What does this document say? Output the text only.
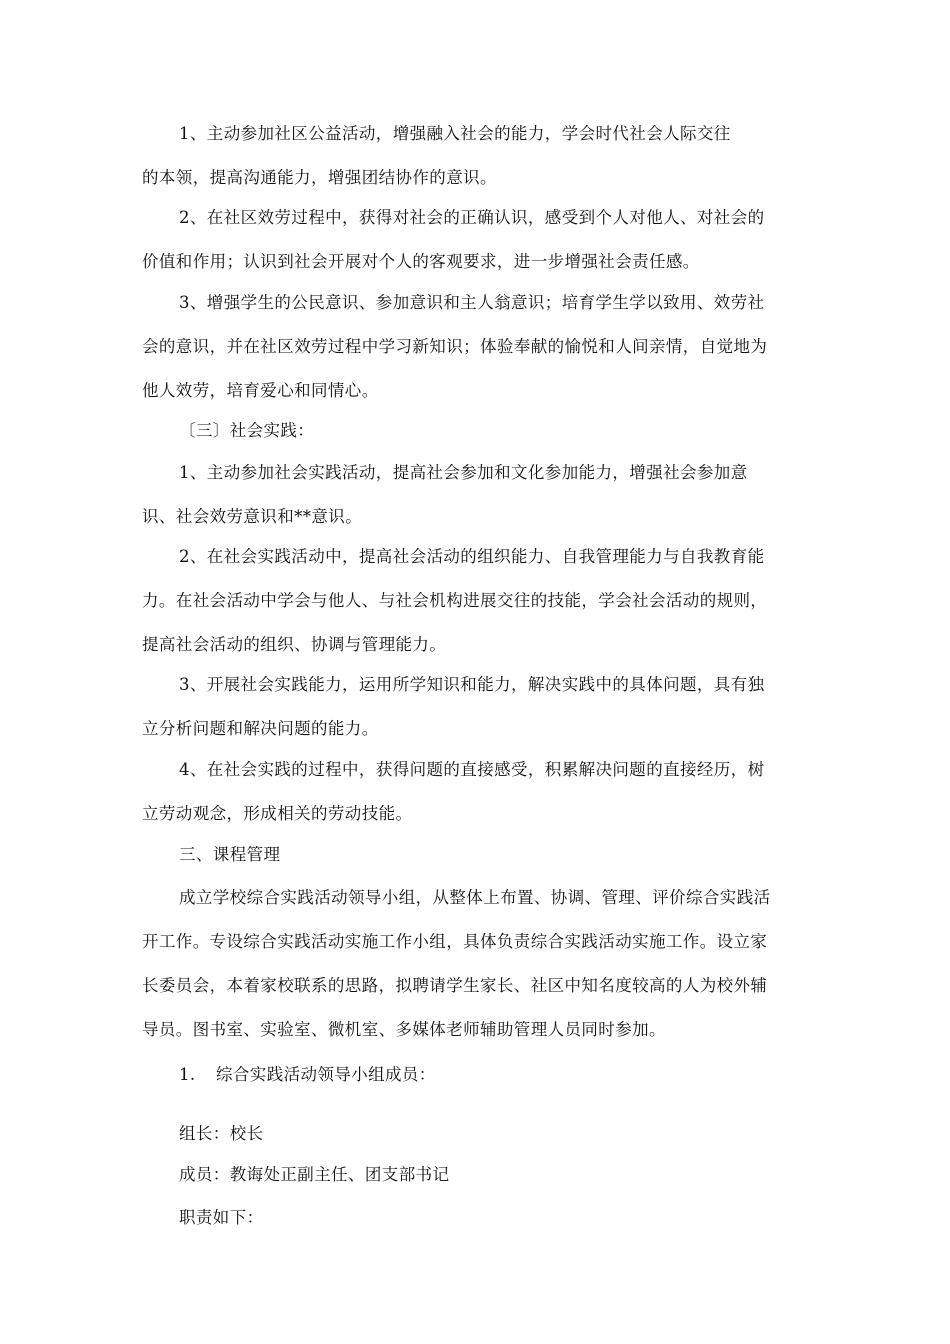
1、主动参加社区公益活动，增强融入社会的能力，学会时代社会人际交往
的本领，提高沟通能力，增强团结协作的意识。
2、在社区效劳过程中，获得对社会的正确认识，感受到个人对他人、对社会的
价值和作用；认识到社会开展对个人的客观要求，进一步增强社会责任感。
3、增强学生的公民意识、参加意识和主人翁意识；培育学生学以致用、效劳社
会的意识，并在社区效劳过程中学习新知识；体验奉献的愉悦和人间亲情，自觉地为
他人效劳，培育爱心和同情心。
〔三〕社会实践：
1、主动参加社会实践活动，提高社会参加和文化参加能力，增强社会参加意
识、社会效劳意识和**意识。
2、在社会实践活动中，提高社会活动的组织能力、自我管理能力与自我教育能
力。在社会活动中学会与他人、与社会机构进展交往的技能，学会社会活动的规则，
提高社会活动的组织、协调与管理能力。
3、开展社会实践能力，运用所学知识和能力，解决实践中的具体问题，具有独
立分析问题和解决问题的能力。
4、在社会实践的过程中，获得问题的直接感受，积累解决问题的直接经历，树
立劳动观念，形成相关的劳动技能。
三、课程管理
成立学校综合实践活动领导小组，从整体上布置、协调、管理、评价综合实践活
开工作。专设综合实践活动实施工作小组，具体负责综合实践活动实施工作。设立家
长委员会，本着家校联系的思路，拟聘请学生家长、社区中知名度较高的人为校外辅
导员。图书室、实验室、微机室、多媒体老师辅助管理人员同时参加。
1. 综合实践活动领导小组成员：
组长：校长
成员：教诲处正副主任、团支部书记
职责如下：
